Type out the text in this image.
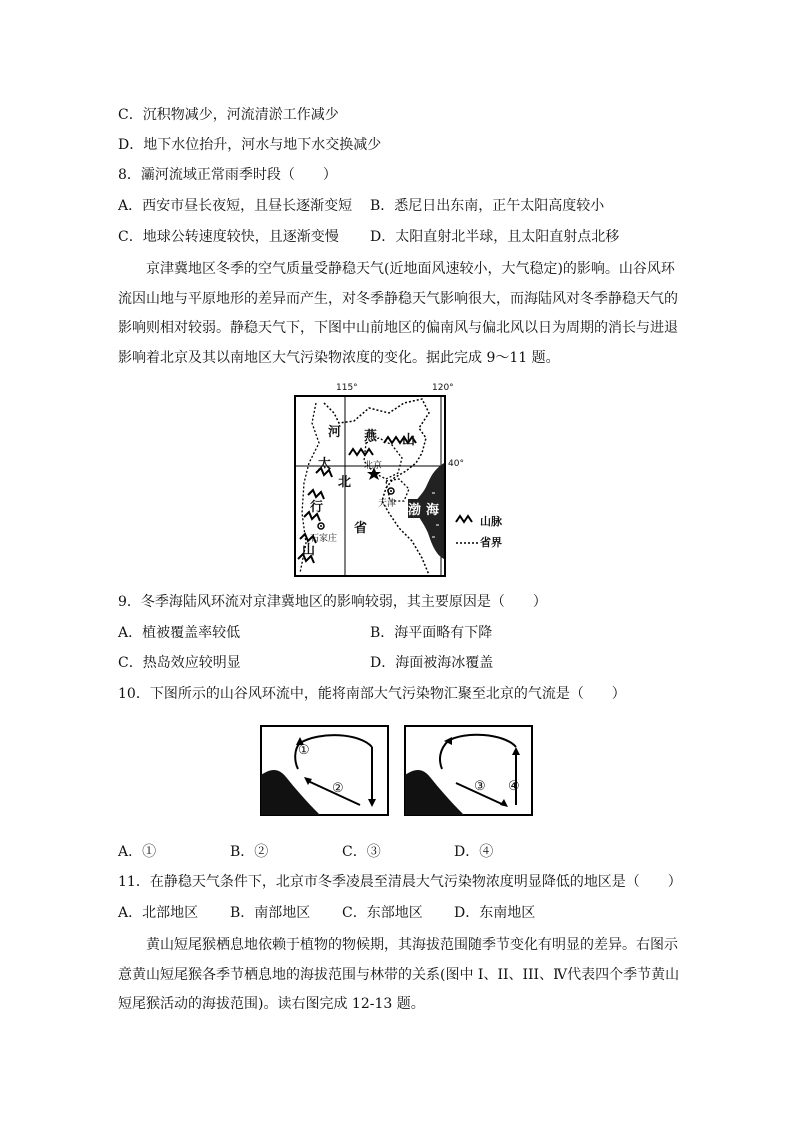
C．沉积物减少，河流清淤工作减少
D．地下水位抬升，河水与地下水交换减少
8．灞河流域正常雨季时段（　　）
A．西安市昼长夜短，且昼长逐渐变短 B．悉尼日出东南，正午太阳高度较小
C．地球公转速度较快，且逐渐变慢 D．太阳直射北半球，且太阳直射点北移
京津冀地区冬季的空气质量受静稳天气(近地面风速较小，大气稳定)的影响。山谷风环
流因山地与平原地形的差异而产生，对冬季静稳天气影响很大，而海陆风对冬季静稳天气的
影响则相对较弱。静稳天气下，下图中山前地区的偏南风与偏北风以日为周期的消长与进退
影响着北京及其以南地区大气污染物浓度的变化。据此完成 9～11 题。
115°	120°
40°
河 燕 山
北
省
太
行
山
北京
天津
石家庄
渤 海
山脉
省界
9．冬季海陆风环流对京津冀地区的影响较弱，其主要原因是（　　）
A．植被覆盖率较低	B．海平面略有下降
C．热岛效应较明显	D．海面被海冰覆盖
10．下图所示的山谷风环流中，能将南部大气污染物汇聚至北京的气流是（　　）
①
②	③ ④
A．①	B．②	C．③	D．④
11．在静稳天气条件下，北京市冬季凌晨至清晨大气污染物浓度明显降低的地区是（　　）
A．北部地区 B．南部地区 C．东部地区 D．东南地区
黄山短尾猴栖息地依赖于植物的物候期，其海拔范围随季节变化有明显的差异。右图示
意黄山短尾猴各季节栖息地的海拔范围与林带的关系(图中 I、II、III、Ⅳ代表四个季节黄山
短尾猴活动的海拔范围)。读右图完成 12-13 题。
